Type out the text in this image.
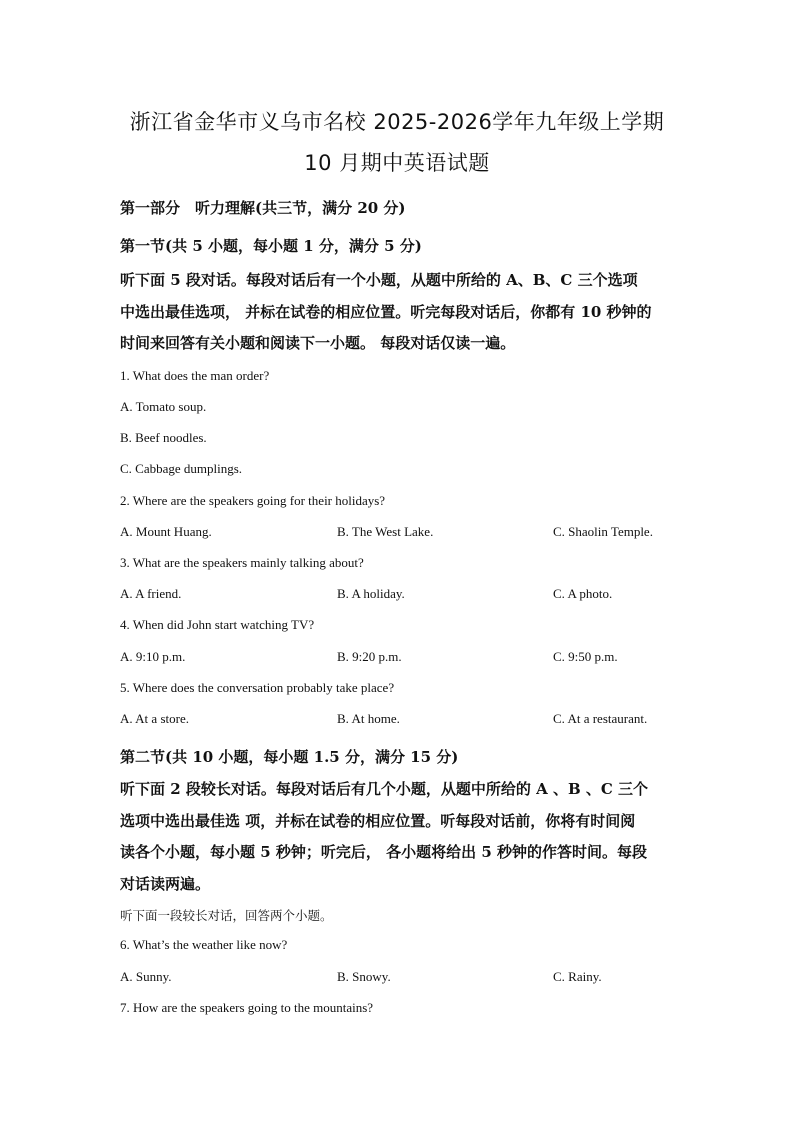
浙江省金华市义乌市名校 2025-2026学年九年级上学期
10 月期中英语试题
第一部分　听力理解(共三节，满分 20 分)
第一节(共 5 小题，每小题 1 分，满分 5 分)
听下面 5 段对话。每段对话后有一个小题，从题中所给的 A、B、C 三个选项
中选出最佳选项， 并标在试卷的相应位置。听完每段对话后，你都有 10 秒钟的
时间来回答有关小题和阅读下一小题。 每段对话仅读一遍。
1. What does the man order?
A. Tomato soup.
B. Beef noodles.
C. Cabbage dumplings.
2. Where are the speakers going for their holidays?
A. Mount Huang.	B. The West Lake.	C. Shaolin Temple.
3. What are the speakers mainly talking about?
A. A friend.	B. A holiday.	C. A photo.
4. When did John start watching TV?
A. 9:10 p.m.	B. 9:20 p.m.	C. 9:50 p.m.
5. Where does the conversation probably take place?
A. At a store.	B. At home.	C. At a restaurant.
第二节(共 10 小题，每小题 1.5 分，满分 15 分)
听下面 2 段较长对话。每段对话后有几个小题，从题中所给的 A 、B 、C 三个
选项中选出最佳选 项，并标在试卷的相应位置。听每段对话前，你将有时间阅
读各个小题，每小题 5 秒钟；听完后， 各小题将给出 5 秒钟的作答时间。每段
对话读两遍。
听下面一段较长对话，回答两个小题。
6. What’s the weather like now?
A. Sunny.	B. Snowy.	C. Rainy.
7. How are the speakers going to the mountains?
